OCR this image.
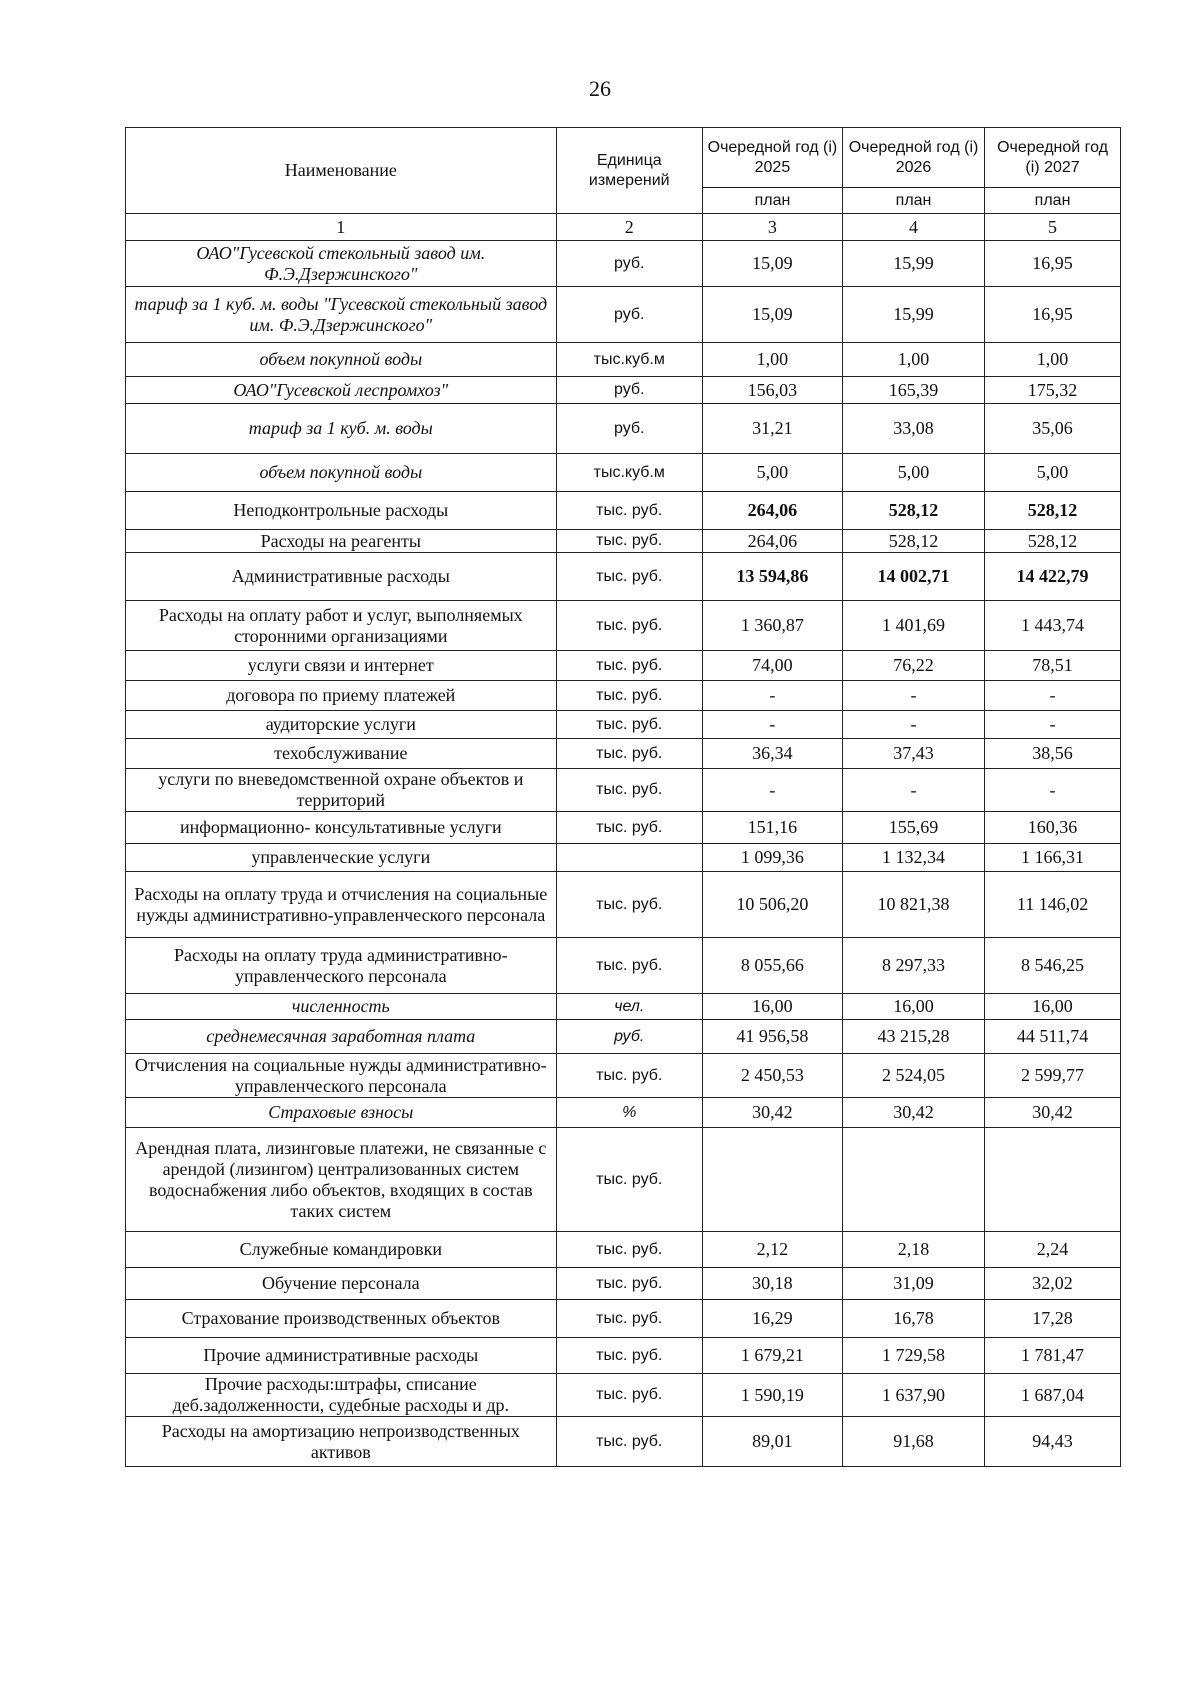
26
Наименование	Единица измерений	Очередной год (i) 2025	Очередной год (i) 2026	Очередной год (i) 2027
		план	план	план
1	2	3	4	5
ОАО"Гусевской стекольный завод им. Ф.Э.Дзержинского"	руб.	15,09	15,99	16,95
тариф за 1 куб. м. воды "Гусевской стекольный завод им. Ф.Э.Дзержинского"	руб.	15,09	15,99	16,95
объем покупной воды	тыс.куб.м	1,00	1,00	1,00
ОАО"Гусевской леспромхоз"	руб.	156,03	165,39	175,32
тариф за 1 куб. м. воды	руб.	31,21	33,08	35,06
объем покупной воды	тыс.куб.м	5,00	5,00	5,00
Неподконтрольные расходы	тыс. руб.	264,06	528,12	528,12
Расходы на реагенты	тыс. руб.	264,06	528,12	528,12
Административные расходы	тыс. руб.	13 594,86	14 002,71	14 422,79
Расходы на оплату работ и услуг, выполняемых сторонними организациями	тыс. руб.	1 360,87	1 401,69	1 443,74
услуги связи и интернет	тыс. руб.	74,00	76,22	78,51
договора по приему платежей	тыс. руб.	-	-	-
аудиторские услуги	тыс. руб.	-	-	-
техобслуживание	тыс. руб.	36,34	37,43	38,56
услуги по вневедомственной охране объектов и территорий	тыс. руб.	-	-	-
информационно- консультативные услуги	тыс. руб.	151,16	155,69	160,36
управленческие услуги		1 099,36	1 132,34	1 166,31
Расходы на оплату труда и отчисления на социальные нужды административно-управленческого персонала	тыс. руб.	10 506,20	10 821,38	11 146,02
Расходы на оплату труда административно-управленческого персонала	тыс. руб.	8 055,66	8 297,33	8 546,25
численность	чел.	16,00	16,00	16,00
среднемесячная заработная плата	руб.	41 956,58	43 215,28	44 511,74
Отчисления на социальные нужды административно-управленческого персонала	тыс. руб.	2 450,53	2 524,05	2 599,77
Страховые взносы	%	30,42	30,42	30,42
Арендная плата, лизинговые платежи, не связанные с арендой (лизингом) централизованных систем водоснабжения либо объектов, входящих в состав таких систем	тыс. руб.			
Служебные командировки	тыс. руб.	2,12	2,18	2,24
Обучение персонала	тыс. руб.	30,18	31,09	32,02
Страхование производственных объектов	тыс. руб.	16,29	16,78	17,28
Прочие административные расходы	тыс. руб.	1 679,21	1 729,58	1 781,47
Прочие расходы:штрафы, списание деб.задолженности, судебные расходы и др.	тыс. руб.	1 590,19	1 637,90	1 687,04
Расходы на амортизацию непроизводственных активов	тыс. руб.	89,01	91,68	94,43
